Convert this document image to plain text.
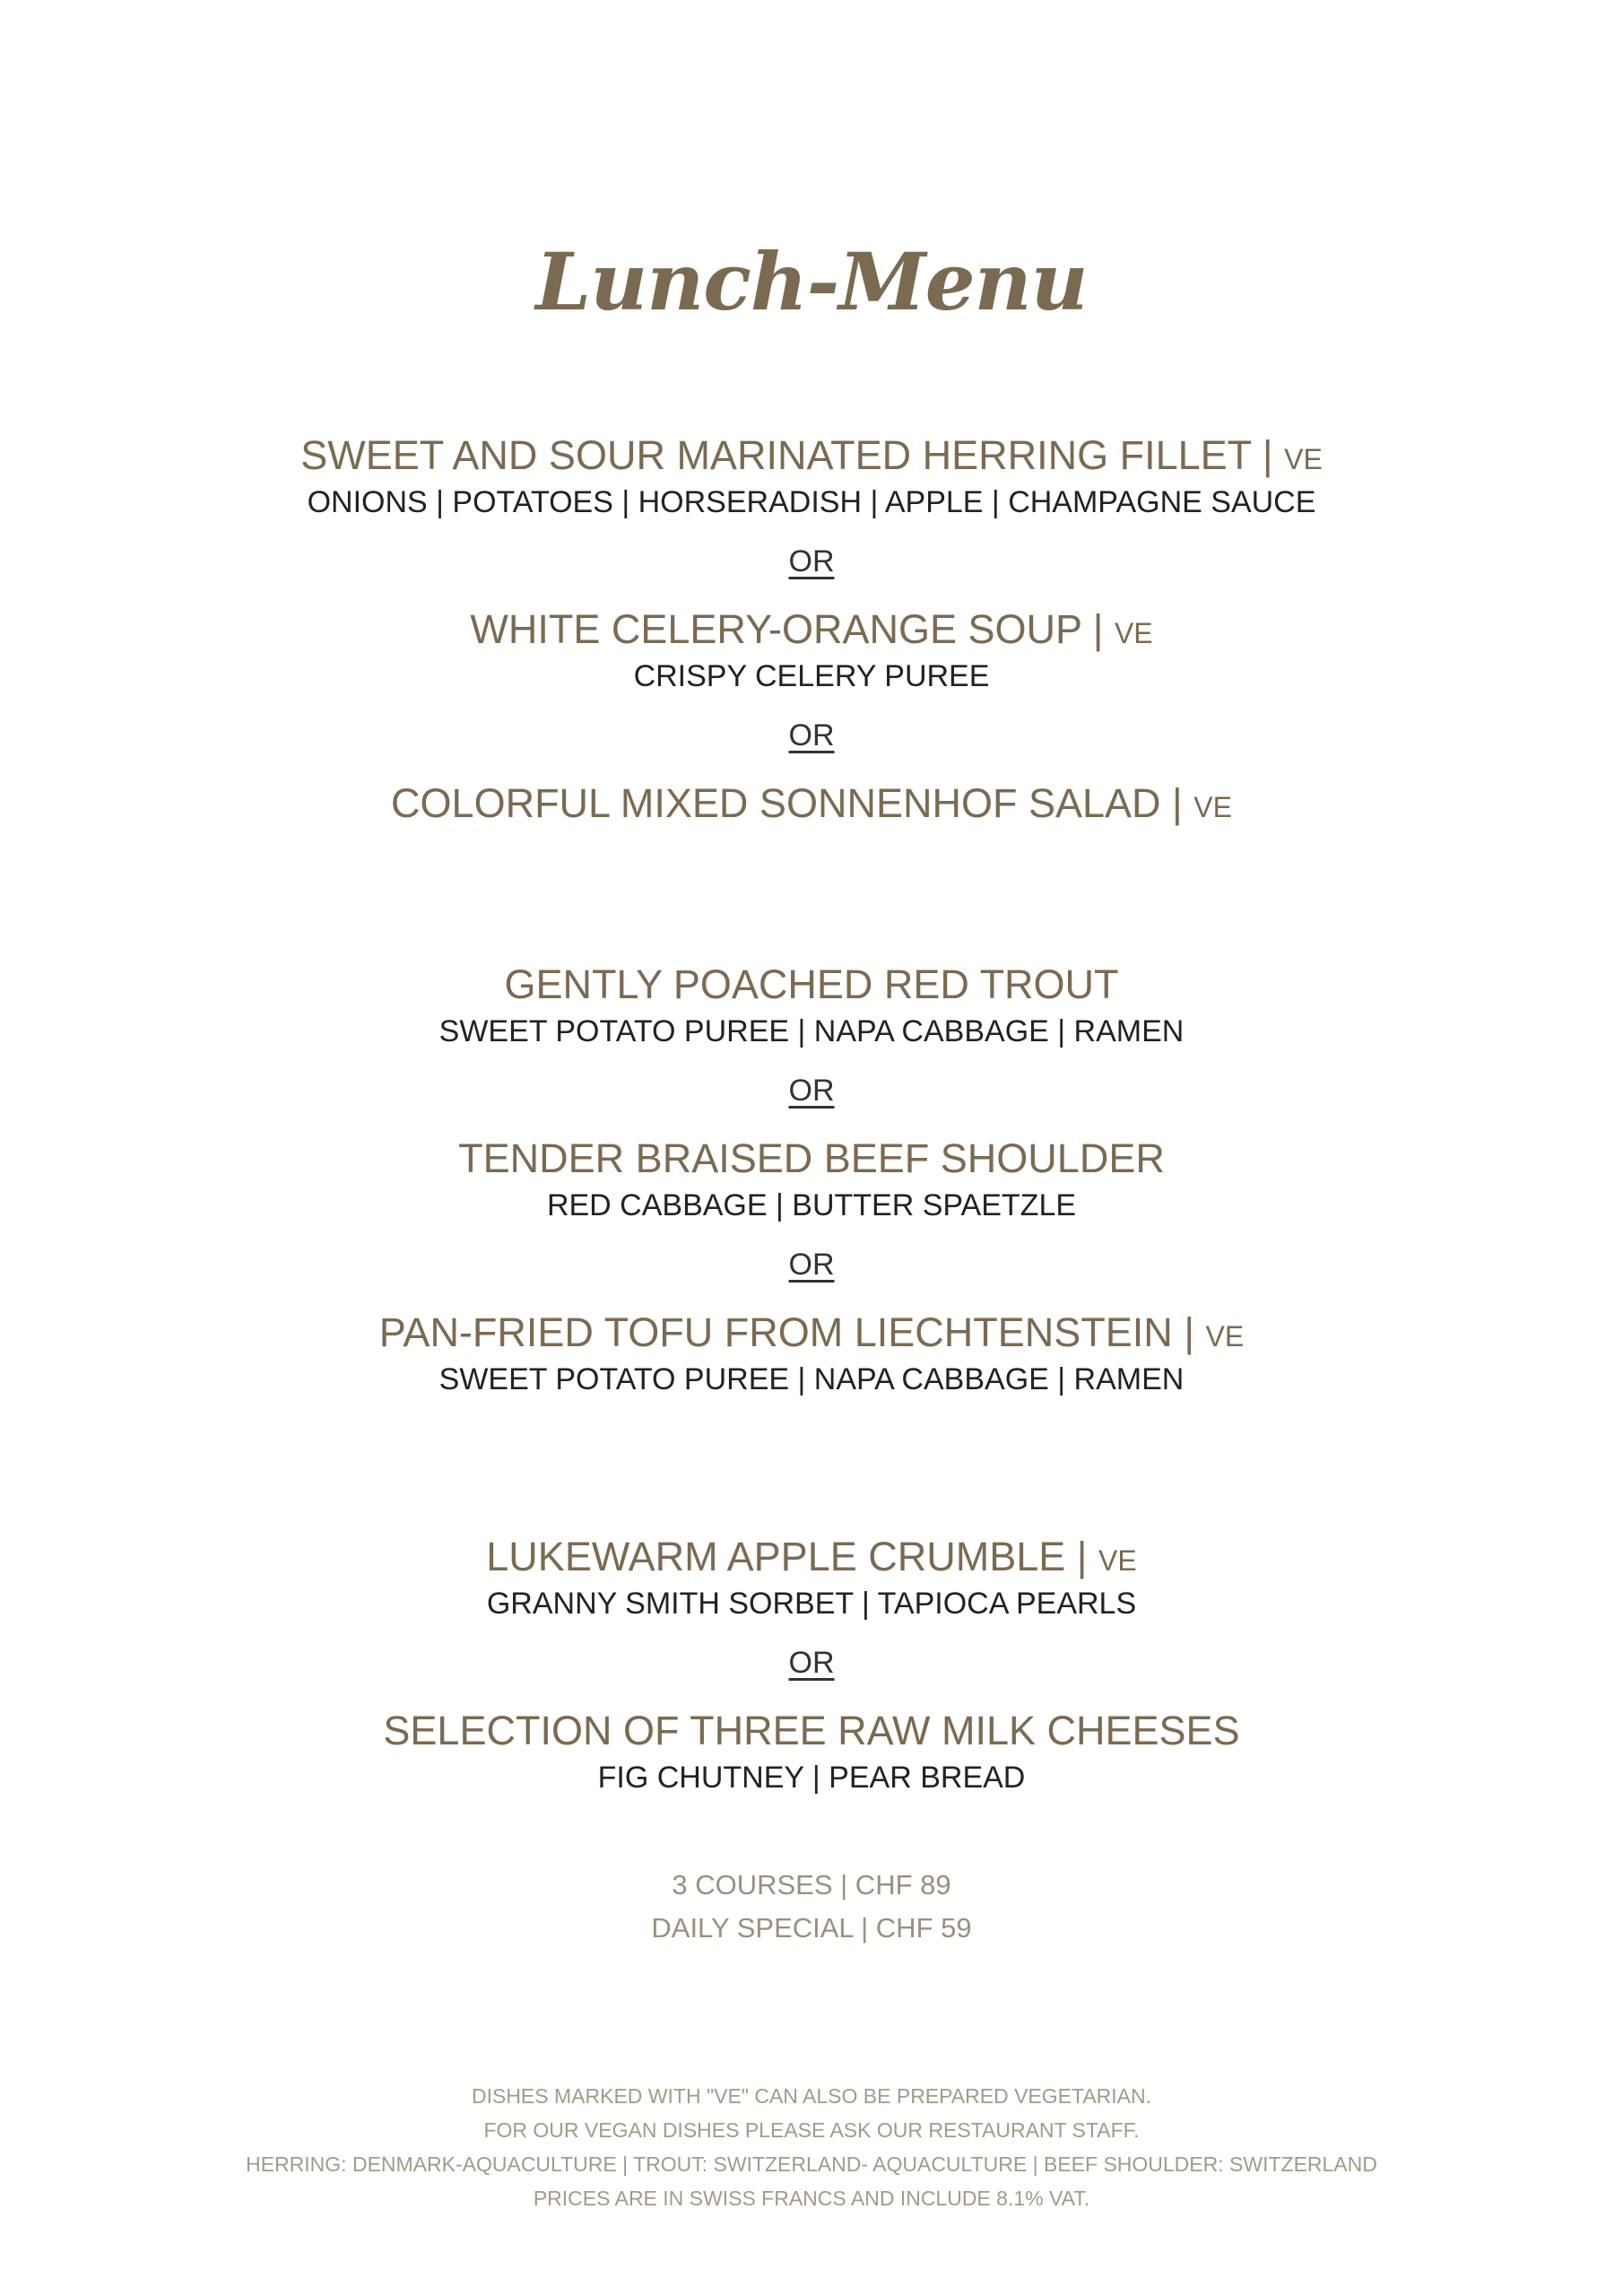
Lunch-Menu
SWEET AND SOUR MARINATED HERRING FILLET | VE
ONIONS | POTATOES | HORSERADISH | APPLE | CHAMPAGNE SAUCE
OR
WHITE CELERY-ORANGE SOUP | VE
CRISPY CELERY PUREE
OR
COLORFUL MIXED SONNENHOF SALAD | VE
GENTLY POACHED RED TROUT
SWEET POTATO PUREE | NAPA CABBAGE | RAMEN
OR
TENDER BRAISED BEEF SHOULDER
RED CABBAGE | BUTTER SPAETZLE
OR
PAN-FRIED TOFU FROM LIECHTENSTEIN | VE
SWEET POTATO PUREE | NAPA CABBAGE | RAMEN
LUKEWARM APPLE CRUMBLE | VE
GRANNY SMITH SORBET | TAPIOCA PEARLS
OR
SELECTION OF THREE RAW MILK CHEESES
FIG CHUTNEY | PEAR BREAD
3 COURSES | CHF 89
DAILY SPECIAL | CHF 59
DISHES MARKED WITH "VE" CAN ALSO BE PREPARED VEGETARIAN.
FOR OUR VEGAN DISHES PLEASE ASK OUR RESTAURANT STAFF.
HERRING: DENMARK-AQUACULTURE | TROUT: SWITZERLAND- AQUACULTURE | BEEF SHOULDER: SWITZERLAND
PRICES ARE IN SWISS FRANCS AND INCLUDE 8.1% VAT.
